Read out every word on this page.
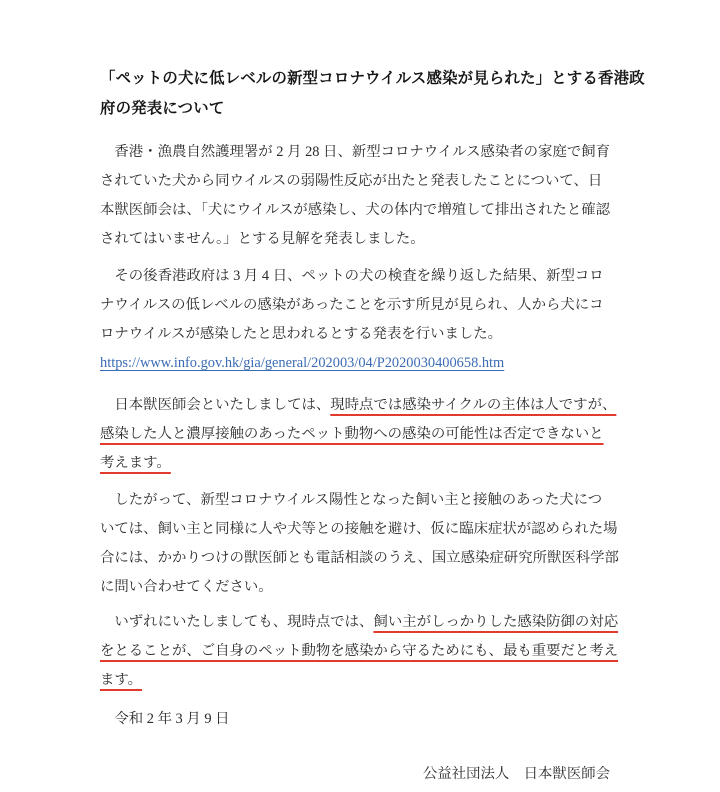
「ペットの犬に低レベルの新型コロナウイルス感染が見られた」とする香港政
府の発表について
　香港・漁農自然護理署が 2 月 28 日、新型コロナウイルス感染者の家庭で飼育
されていた犬から同ウイルスの弱陽性反応が出たと発表したことについて、日
本獣医師会は、「犬にウイルスが感染し、犬の体内で増殖して排出されたと確認
されてはいません。」とする見解を発表しました。
　その後香港政府は 3 月 4 日、ペットの犬の検査を繰り返した結果、新型コロ
ナウイルスの低レベルの感染があったことを示す所見が見られ、人から犬にコ
ロナウイルスが感染したと思われるとする発表を行いました。
https://www.info.gov.hk/gia/general/202003/04/P2020030400658.htm
　日本獣医師会といたしましては、現時点では感染サイクルの主体は人ですが、
感染した人と濃厚接触のあったペット動物への感染の可能性は否定できないと
考えます。
　したがって、新型コロナウイルス陽性となった飼い主と接触のあった犬につ
いては、飼い主と同様に人や犬等との接触を避け、仮に臨床症状が認められた場
合には、かかりつけの獣医師とも電話相談のうえ、国立感染症研究所獣医科学部
に問い合わせてください。
　いずれにいたしましても、現時点では、飼い主がしっかりした感染防御の対応
をとることが、ご自身のペット動物を感染から守るためにも、最も重要だと考え
ます。
　令和 2 年 3 月 9 日
公益社団法人　日本獣医師会
